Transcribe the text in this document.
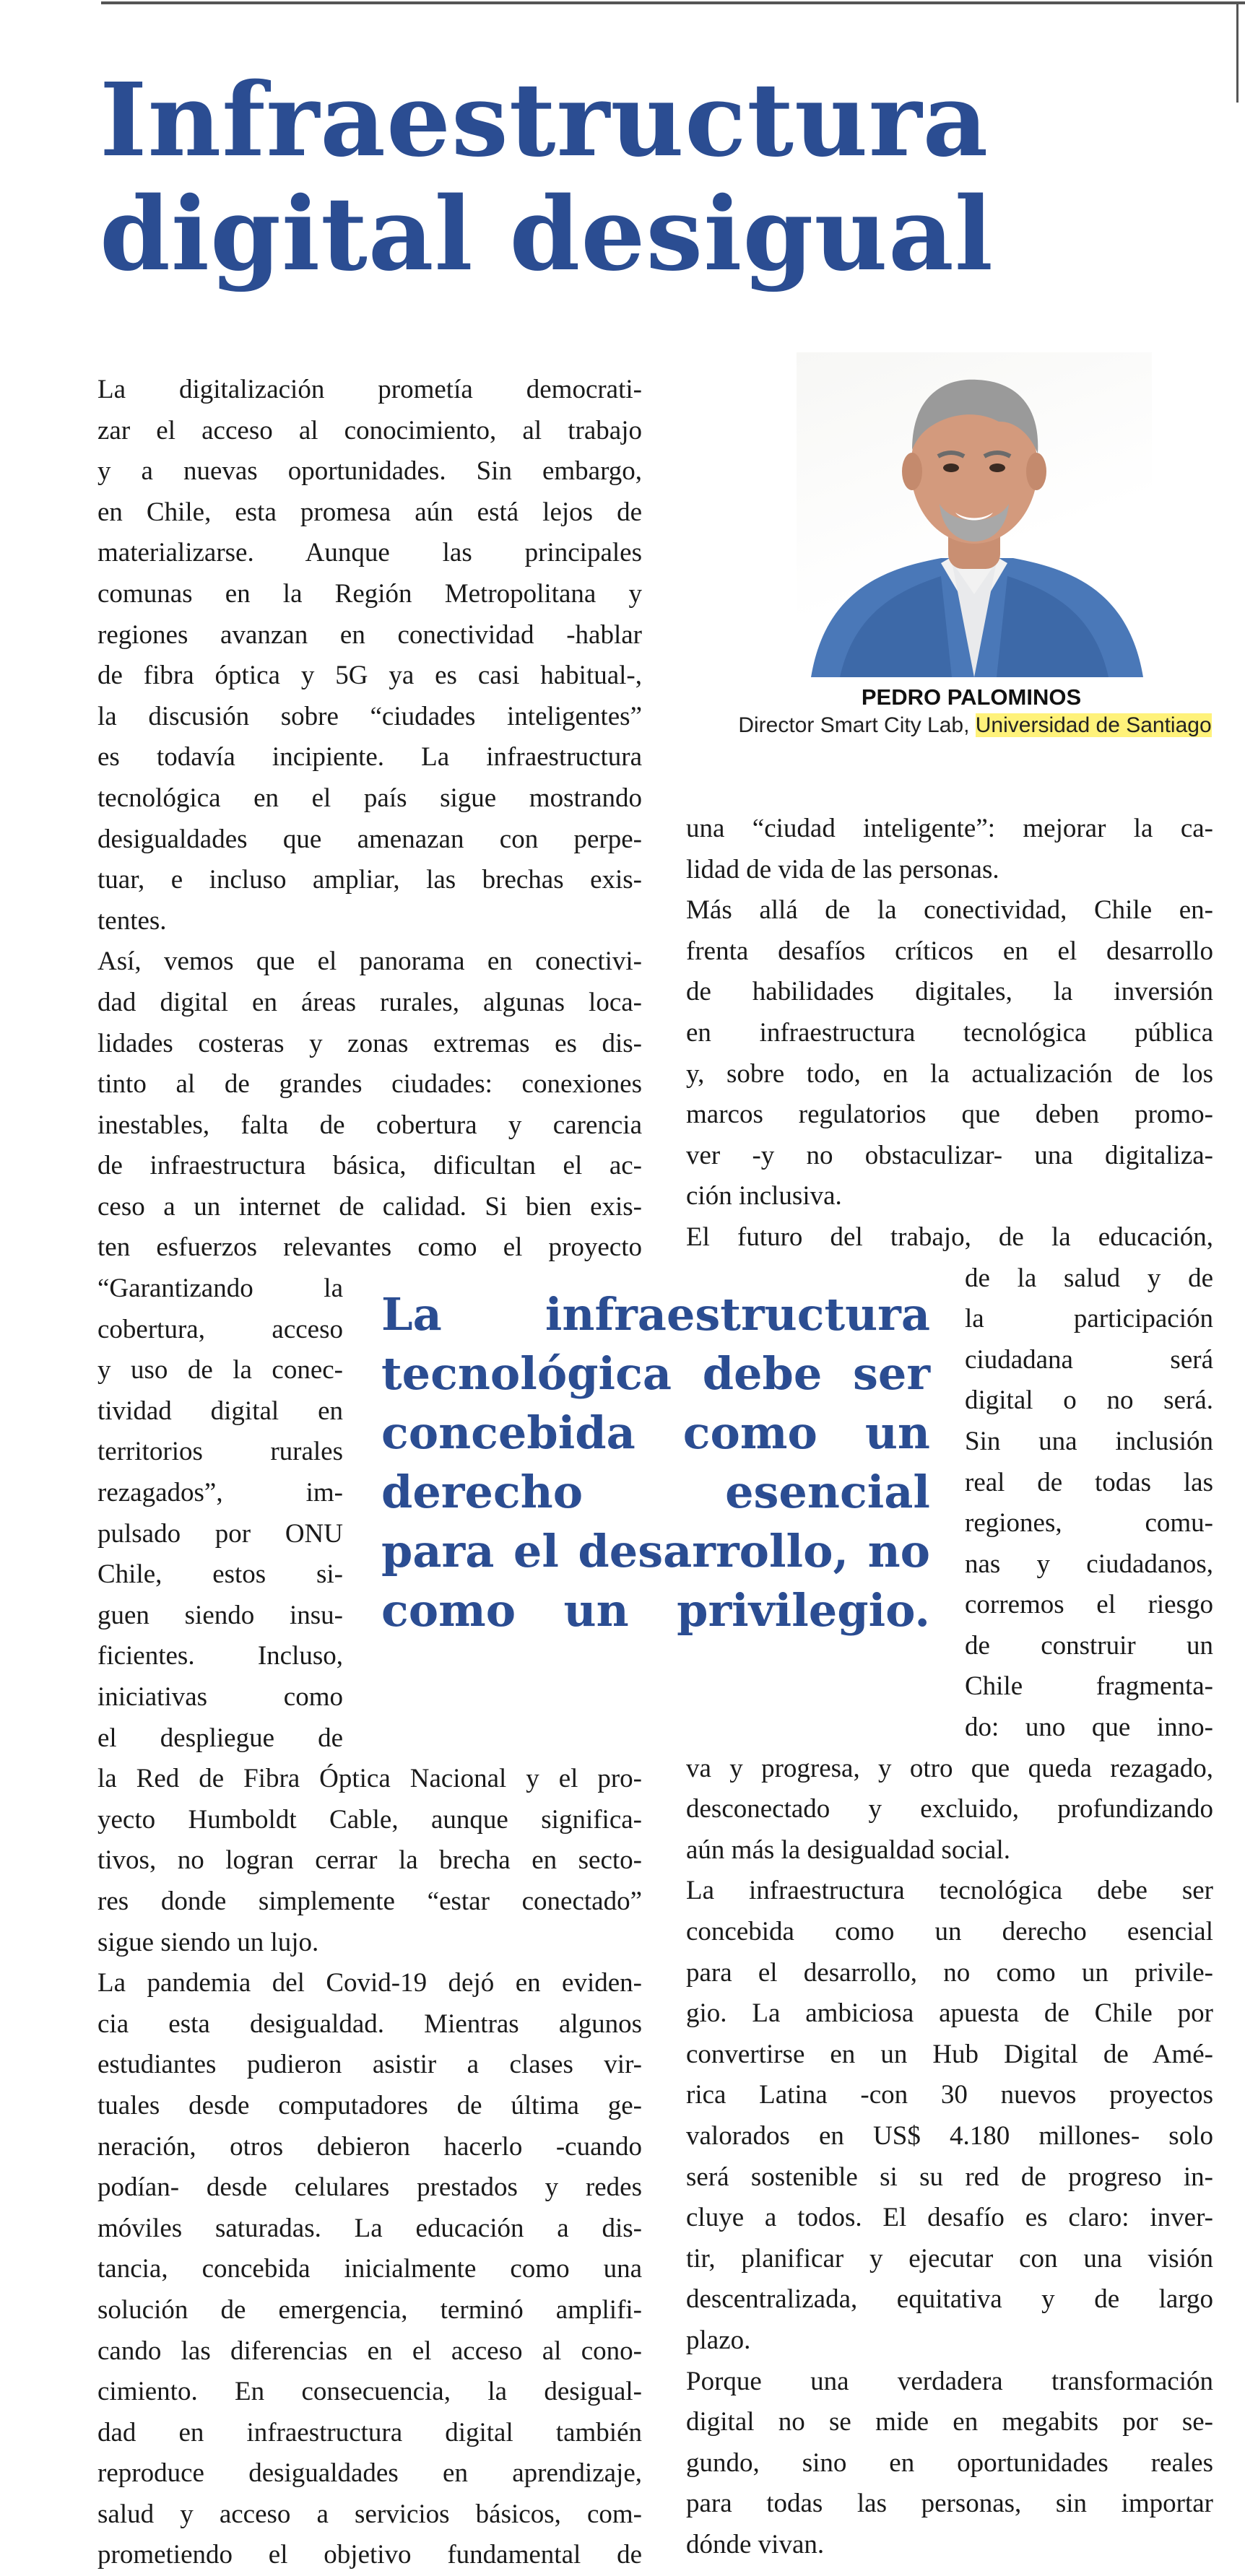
Infraestructura
digital desigual
PEDRO PALOMINOS
Director Smart City Lab, Universidad de Santiago

La digitalización prometía democrati-
zar el acceso al conocimiento, al trabajo
y a nuevas oportunidades. Sin embargo,
en Chile, esta promesa aún está lejos de
materializarse. Aunque las principales
comunas en la Región Metropolitana y
regiones avanzan en conectividad -hablar
de fibra óptica y 5G ya es casi habitual-,
la discusión sobre “ciudades inteligentes”
es todavía incipiente. La infraestructura
tecnológica en el país sigue mostrando
desigualdades que amenazan con perpe-
tuar, e incluso ampliar, las brechas exis-
tentes.

Así, vemos que el panorama en conectivi-
dad digital en áreas rurales, algunas loca-
lidades costeras y zonas extremas es dis-
tinto al de grandes ciudades: conexiones
inestables, falta de cobertura y carencia
de infraestructura básica, dificultan el ac-
ceso a un internet de calidad. Si bien exis-
ten esfuerzos relevantes como el proyecto
“Garantizando la
cobertura, acceso
y uso de la conec-
tividad digital en
territorios rurales
rezagados”, im-
pulsado por ONU
Chile, estos si-
guen siendo insu-
ficientes. Incluso,
iniciativas como
el despliegue de
la Red de Fibra Óptica Nacional y el pro-
yecto Humboldt Cable, aunque significa-
tivos, no logran cerrar la brecha en secto-
res donde simplemente “estar conectado”
sigue siendo un lujo.

La pandemia del Covid-19 dejó en eviden-
cia esta desigualdad. Mientras algunos
estudiantes pudieron asistir a clases vir-
tuales desde computadores de última ge-
neración, otros debieron hacerlo -cuando
podían- desde celulares prestados y redes
móviles saturadas. La educación a dis-
tancia, concebida inicialmente como una
solución de emergencia, terminó amplifi-
cando las diferencias en el acceso al cono-
cimiento. En consecuencia, la desigual-
dad en infraestructura digital también
reproduce desigualdades en aprendizaje,
salud y acceso a servicios básicos, com-
prometiendo el objetivo fundamental de

La infraestructura tecnológica debe ser concebida como un derecho esencial para el desarrollo, no como un privilegio.

una “ciudad inteligente”: mejorar la ca-
lidad de vida de las personas.

Más allá de la conectividad, Chile en-
frenta desafíos críticos en el desarrollo
de habilidades digitales, la inversión
en infraestructura tecnológica pública
y, sobre todo, en la actualización de los
marcos regulatorios que deben promo-
ver -y no obstaculizar- una digitaliza-
ción inclusiva.

El futuro del trabajo, de la educación,
de la salud y de
la participación
ciudadana será
digital o no será.
Sin una inclusión
real de todas las
regiones, comu-
nas y ciudadanos,
corremos el riesgo
de construir un
Chile fragmenta-
do: uno que inno-
va y progresa, y otro que queda rezagado,
desconectado y excluido, profundizando
aún más la desigualdad social.

La infraestructura tecnológica debe ser
concebida como un derecho esencial
para el desarrollo, no como un privile-
gio. La ambiciosa apuesta de Chile por
convertirse en un Hub Digital de Amé-
rica Latina -con 30 nuevos proyectos
valorados en US$ 4.180 millones- solo
será sostenible si su red de progreso in-
cluye a todos. El desafío es claro: inver-
tir, planificar y ejecutar con una visión
descentralizada, equitativa y de largo
plazo.

Porque una verdadera transformación
digital no se mide en megabits por se-
gundo, sino en oportunidades reales
para todas las personas, sin importar
dónde vivan.
